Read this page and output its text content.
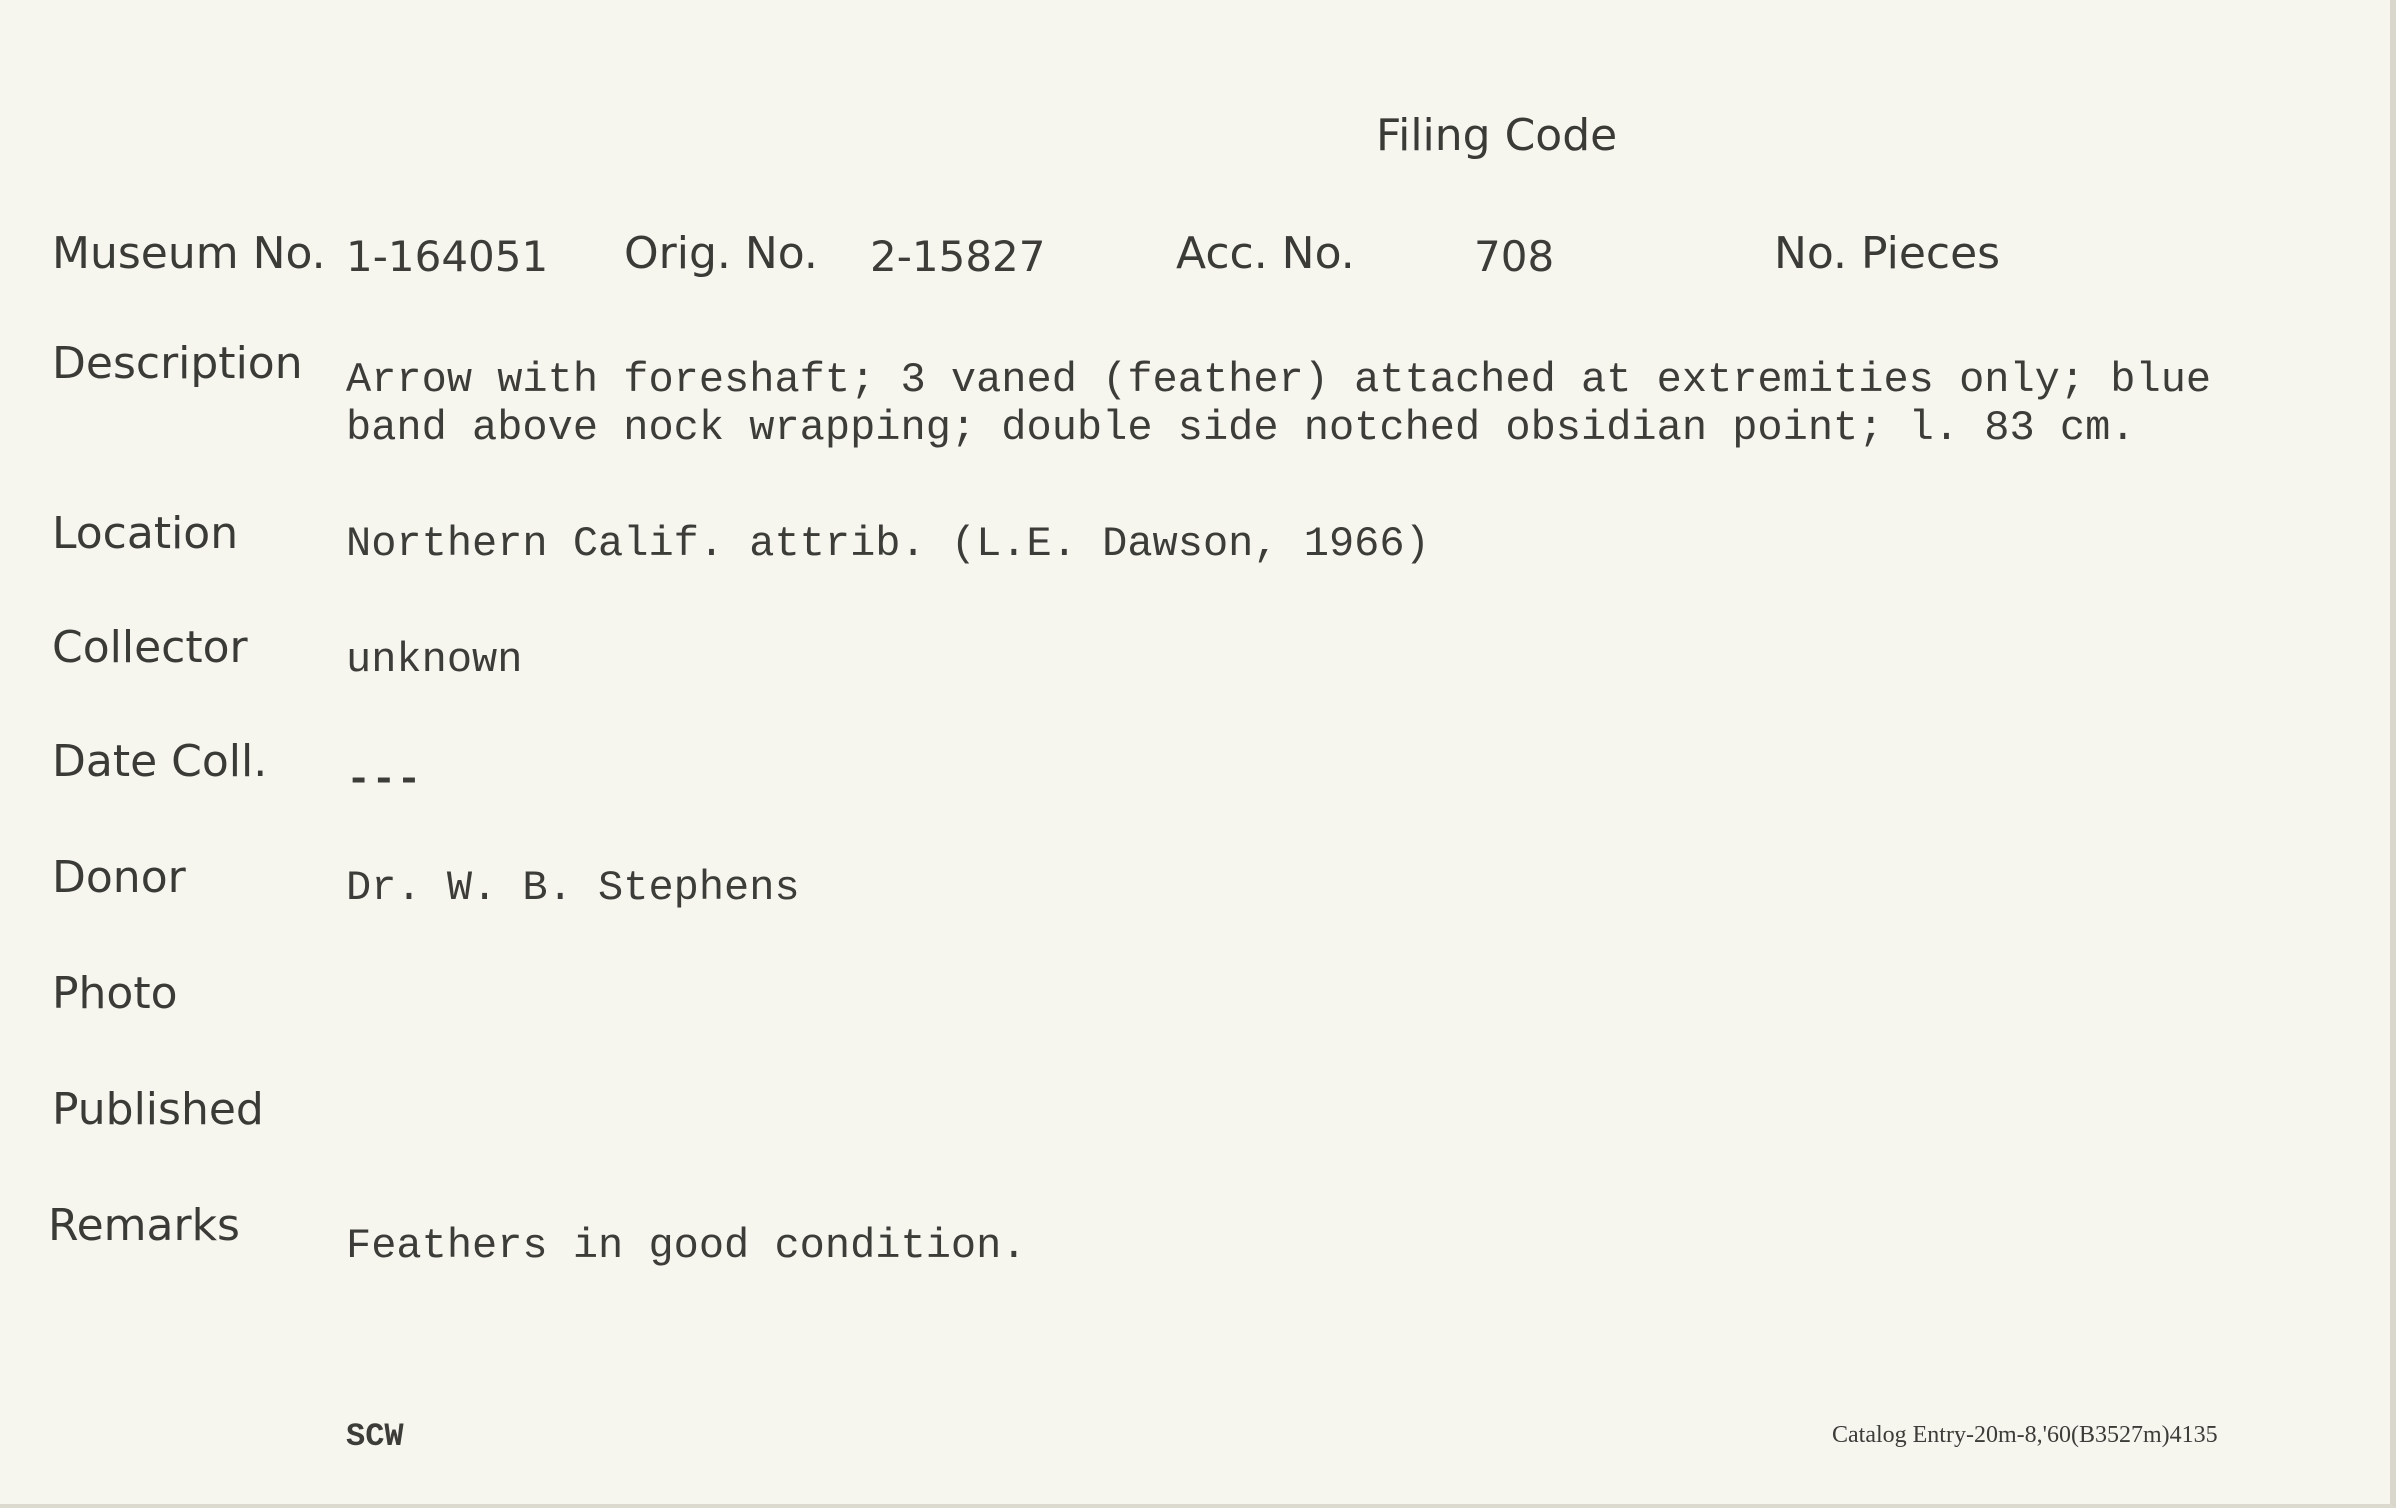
Filing Code
Museum No. 1-164051 Orig. No. 2-15827	Acc. No.	708	No. Pieces
Description Arrow with foreshaft; 3 vaned (feather) attached at extremities only; blue
band above nock wrapping; double side notched obsidian point; l. 83 cm.
Location	Northern Calif. attrib. (L.E. Dawson, 1966)
Collector unknown
Date Coll. ---
Donor	Dr. W. B. Stephens
Photo
Published
Remarks	Feathers in good condition.
SCW	Catalog Entry-20m-8,'60(B3527m)4135
